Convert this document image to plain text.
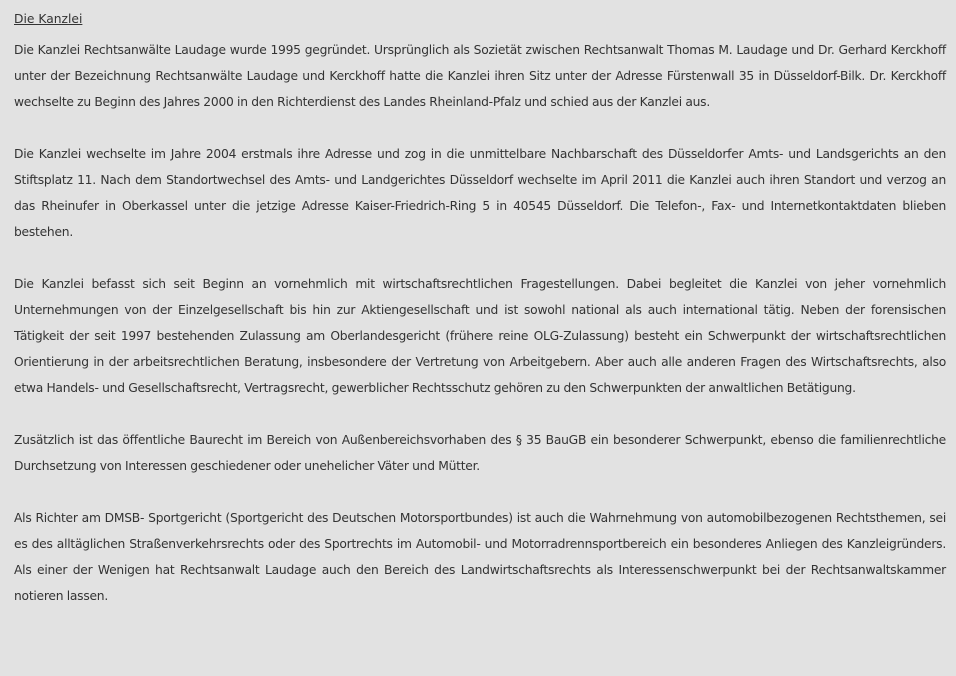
Die Kanzlei

Die Kanzlei Rechtsanwälte Laudage wurde 1995 gegründet. Ursprünglich als Sozietät zwischen Rechtsanwalt Thomas M. Laudage und Dr. Gerhard Kerckhoff unter der Bezeichnung Rechtsanwälte Laudage und Kerckhoff hatte die Kanzlei ihren Sitz unter der Adresse Fürstenwall 35 in Düsseldorf-Bilk. Dr. Kerckhoff wechselte zu Beginn des Jahres 2000 in den Richterdienst des Landes Rheinland-Pfalz und schied aus der Kanzlei aus.

Die Kanzlei wechselte im Jahre 2004 erstmals ihre Adresse und zog in die unmittelbare Nachbarschaft des Düsseldorfer Amts- und Landsgerichts an den Stiftsplatz 11. Nach dem Standortwechsel des Amts- und Landgerichtes Düsseldorf wechselte im April 2011 die Kanzlei auch ihren Standort und verzog an das Rheinufer in Oberkassel unter die jetzige Adresse Kaiser-Friedrich-Ring 5 in 40545 Düsseldorf. Die Telefon-, Fax- und Internetkontaktdaten blieben bestehen.

Die Kanzlei befasst sich seit Beginn an vornehmlich mit wirtschaftsrechtlichen Fragestellungen. Dabei begleitet die Kanzlei von jeher vornehmlich Unternehmungen von der Einzelgesellschaft bis hin zur Aktiengesellschaft und ist sowohl national als auch international tätig. Neben der forensischen Tätigkeit der seit 1997 bestehenden Zulassung am Oberlandesgericht (frühere reine OLG-Zulassung) besteht ein Schwerpunkt der wirtschaftsrechtlichen Orientierung in der arbeitsrechtlichen Beratung, insbesondere der Vertretung von Arbeitgebern. Aber auch alle anderen Fragen des Wirtschaftsrechts, also etwa Handels- und Gesellschaftsrecht, Vertragsrecht, gewerblicher Rechtsschutz gehören zu den Schwerpunkten der anwaltlichen Betätigung.

Zusätzlich ist das öffentliche Baurecht im Bereich von Außenbereichsvorhaben des § 35 BauGB ein besonderer Schwerpunkt, ebenso die familienrechtliche Durchsetzung von Interessen geschiedener oder unehelicher Väter und Mütter.

Als Richter am DMSB- Sportgericht (Sportgericht des Deutschen Motorsportbundes) ist auch die Wahrnehmung von automobilbezogenen Rechtsthemen, sei es des alltäglichen Straßenverkehrsrechts oder des Sportrechts im Automobil- und Motorradrennsportbereich ein besonderes Anliegen des Kanzleigründers. Als einer der Wenigen hat Rechtsanwalt Laudage auch den Bereich des Landwirtschaftsrechts als Interessenschwerpunkt bei der Rechtsanwaltskammer notieren lassen.
